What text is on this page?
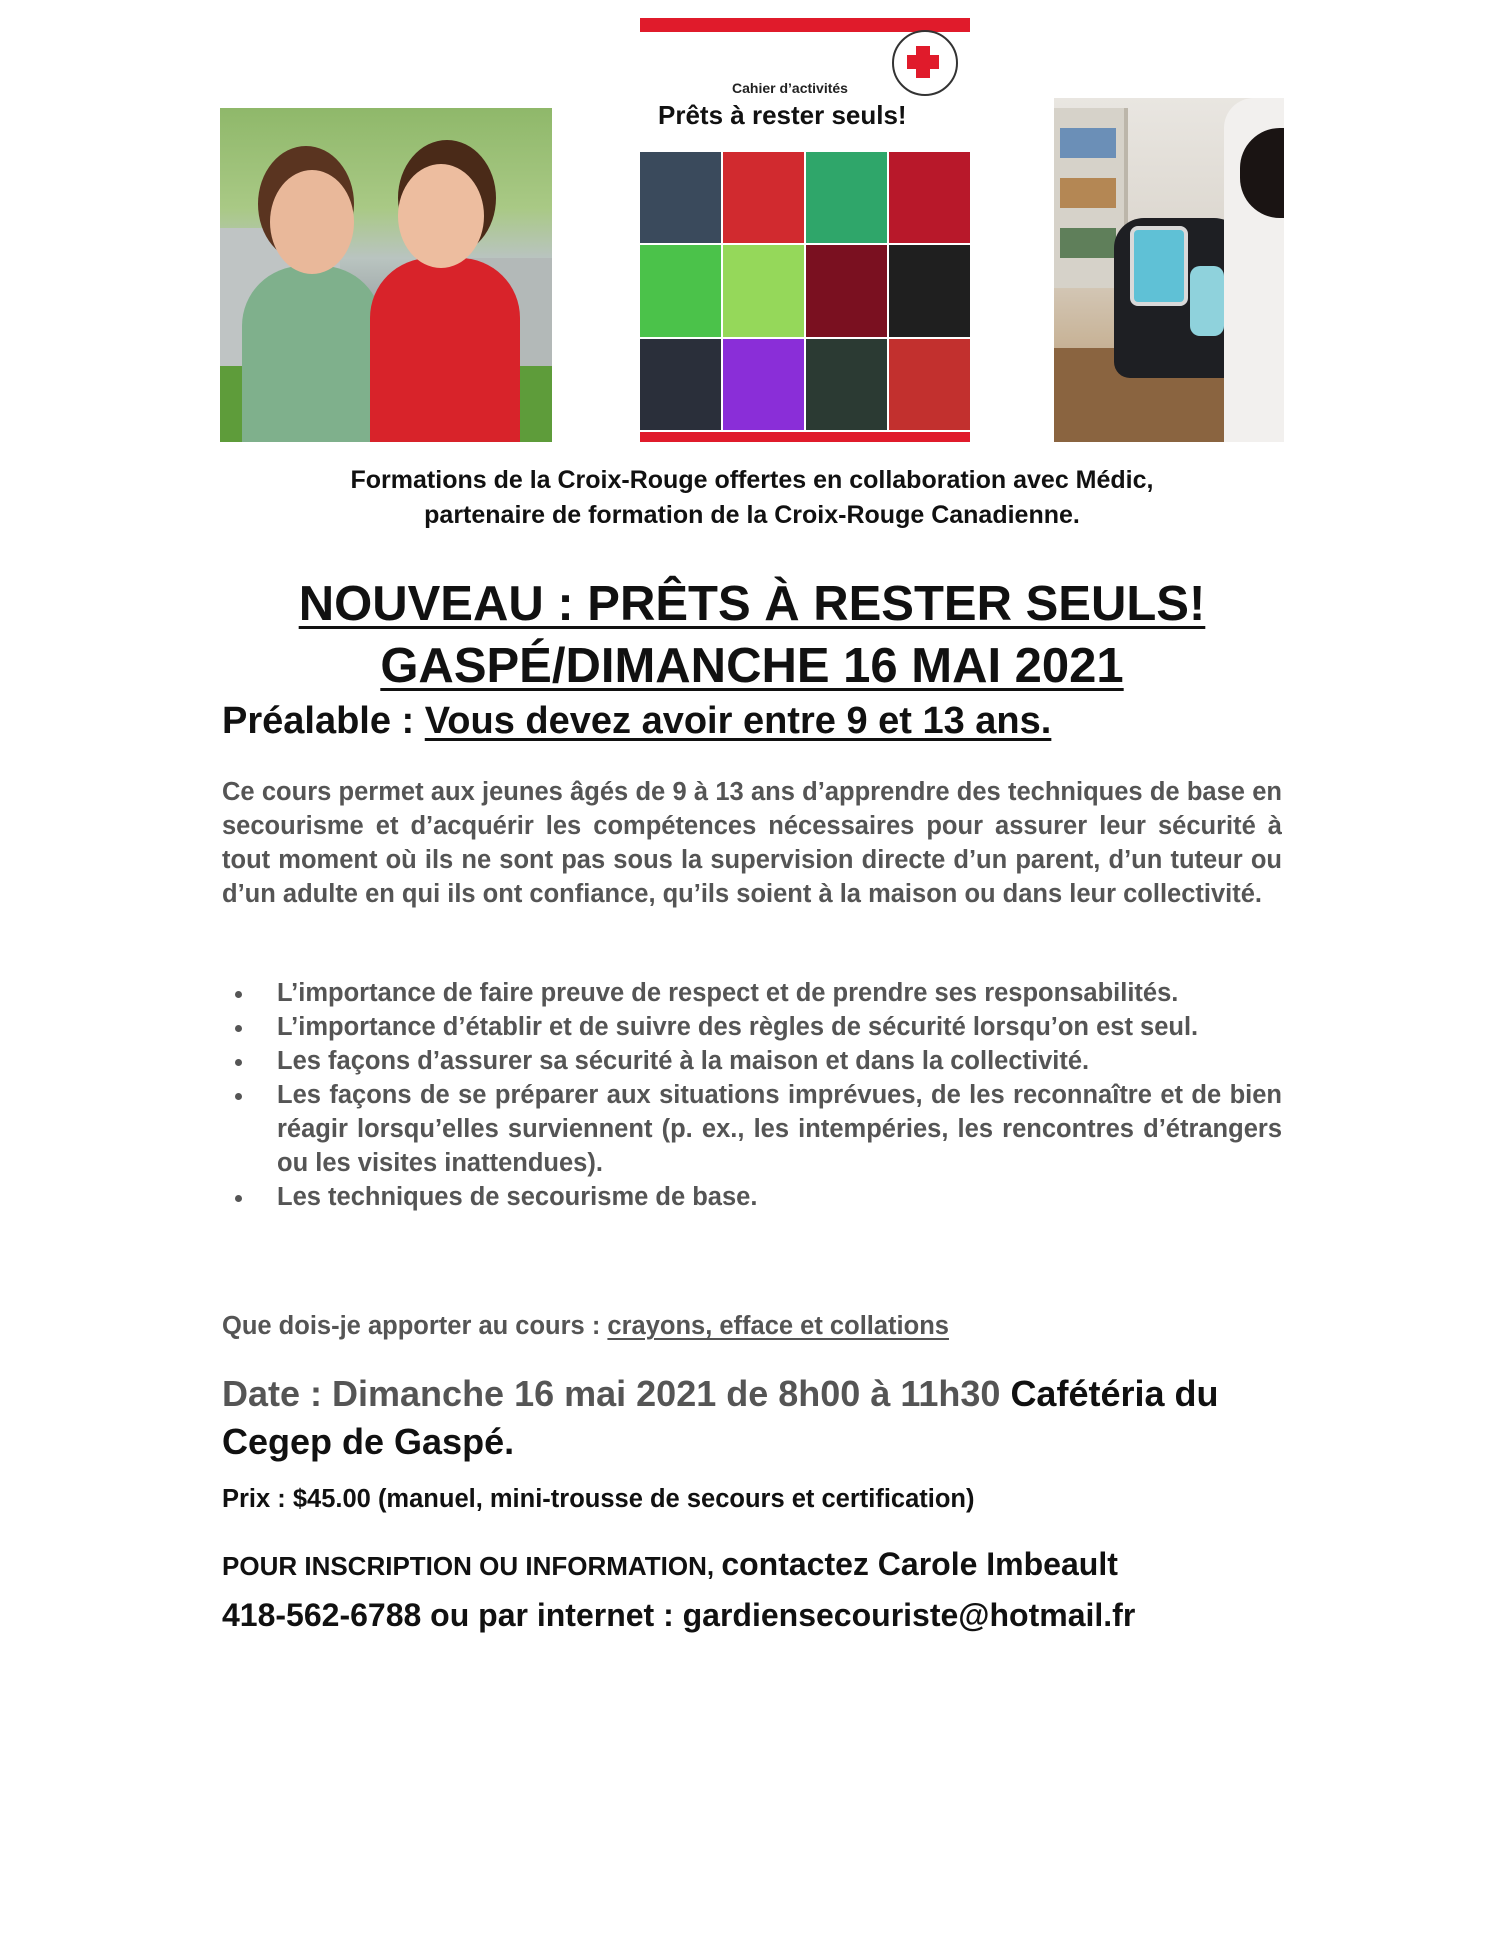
Cahier d’activités
Prêts à rester seuls!
Formations de la Croix-Rouge offertes en collaboration avec Médic,
partenaire de formation de la Croix-Rouge Canadienne.
NOUVEAU : PRÊTS À RESTER SEULS!
GASPÉ/DIMANCHE 16 MAI 2021
Préalable : Vous devez avoir entre 9 et 13 ans.
Ce cours permet aux jeunes âgés de 9 à 13 ans d’apprendre des techniques de base en secourisme et d’acquérir les compétences nécessaires pour assurer leur sécurité à tout moment où ils ne sont pas sous la supervision directe d’un parent, d’un tuteur ou d’un adulte en qui ils ont confiance, qu’ils soient à la maison ou dans leur collectivité.
L’importance de faire preuve de respect et de prendre ses responsabilités.
L’importance d’établir et de suivre des règles de sécurité lorsqu’on est seul.
Les façons d’assurer sa sécurité à la maison et dans la collectivité.
Les façons de se préparer aux situations imprévues, de les reconnaître et de bien réagir lorsqu’elles surviennent (p. ex., les intempéries, les rencontres d’étrangers ou les visites inattendues).
Les techniques de secourisme de base.
Que dois-je apporter au cours : crayons, efface et collations
Date : Dimanche 16 mai 2021 de 8h00 à 11h30 Cafétéria du Cegep de Gaspé.
Prix : $45.00 (manuel, mini-trousse de secours et certification)
POUR INSCRIPTION OU INFORMATION, contactez Carole Imbeault
418-562-6788 ou par internet : gardiensecouriste@hotmail.fr
